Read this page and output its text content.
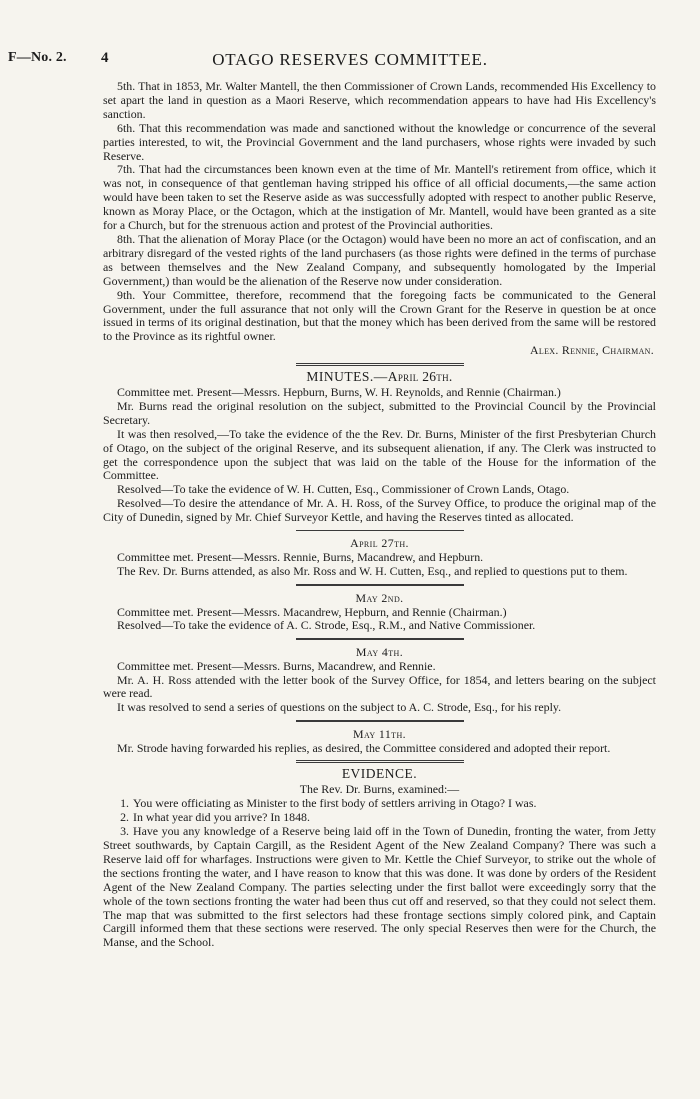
F—No. 2. 4	OTAGO RESERVES COMMITTEE.

5th. That in 1853, Mr. Walter Mantell, the then Commissioner of Crown Lands, recommended His Excellency to set apart the land in question as a Maori Reserve, which recommendation appears to have had His Excellency's sanction.

6th. That this recommendation was made and sanctioned without the knowledge or concurrence of the several parties interested, to wit, the Provincial Government and the land purchasers, whose rights were invaded by such Reserve.

7th. That had the circumstances been known even at the time of Mr. Mantell's retirement from office, which it was not, in consequence of that gentleman having stripped his office of all official documents,—the same action would have been taken to set the Reserve aside as was successfully adopted with respect to another public Reserve, known as Moray Place, or the Octagon, which at the instigation of Mr. Mantell, would have been granted as a site for a Church, but for the strenuous action and protest of the Provincial authorities.

8th. That the alienation of Moray Place (or the Octagon) would have been no more an act of confiscation, and an arbitrary disregard of the vested rights of the land purchasers (as those rights were defined in the terms of purchase as between themselves and the New Zealand Company, and subsequently homologated by the Imperial Government,) than would be the alienation of the Reserve now under consideration.

9th. Your Committee, therefore, recommend that the foregoing facts be communicated to the General Government, under the full assurance that not only will the Crown Grant for the Reserve in question be at once issued in terms of its original destination, but that the money which has been derived from the same will be restored to the Province as its rightful owner.

Alex. Rennie, Chairman.

MINUTES.—April 26th.

Committee met. Present—Messrs. Hepburn, Burns, W. H. Reynolds, and Rennie (Chairman.)

Mr. Burns read the original resolution on the subject, submitted to the Provincial Council by the Provincial Secretary.

It was then resolved,—To take the evidence of the the Rev. Dr. Burns, Minister of the first Presbyterian Church of Otago, on the subject of the original Reserve, and its subsequent alienation, if any. The Clerk was instructed to get the correspondence upon the subject that was laid on the table of the House for the information of the Committee.

Resolved—To take the evidence of W. H. Cutten, Esq., Commissioner of Crown Lands, Otago.

Resolved—To desire the attendance of Mr. A. H. Ross, of the Survey Office, to produce the original map of the City of Dunedin, signed by Mr. Chief Surveyor Kettle, and having the Reserves tinted as allocated.

April 27th.

Committee met. Present—Messrs. Rennie, Burns, Macandrew, and Hepburn.

The Rev. Dr. Burns attended, as also Mr. Ross and W. H. Cutten, Esq., and replied to questions put to them.

May 2nd.

Committee met. Present—Messrs. Macandrew, Hepburn, and Rennie (Chairman.)

Resolved—To take the evidence of A. C. Strode, Esq., R.M., and Native Commissioner.

May 4th.

Committee met. Present—Messrs. Burns, Macandrew, and Rennie.

Mr. A. H. Ross attended with the letter book of the Survey Office, for 1854, and letters bearing on the subject were read.

It was resolved to send a series of questions on the subject to A. C. Strode, Esq., for his reply.

May 11th.

Mr. Strode having forwarded his replies, as desired, the Committee considered and adopted their report.

EVIDENCE.

The Rev. Dr. Burns, examined:—

1. You were officiating as Minister to the first body of settlers arriving in Otago? I was.

2. In what year did you arrive? In 1848.

3. Have you any knowledge of a Reserve being laid off in the Town of Dunedin, fronting the water, from Jetty Street southwards, by Captain Cargill, as the Resident Agent of the New Zealand Company? There was such a Reserve laid off for wharfages. Instructions were given to Mr. Kettle the Chief Surveyor, to strike out the whole of the sections fronting the water, and I have reason to know that this was done. It was done by orders of the Resident Agent of the New Zealand Company. The parties selecting under the first ballot were exceedingly sorry that the whole of the town sections fronting the water had been thus cut off and reserved, so that they could not select them. The map that was submitted to the first selectors had these frontage sections simply colored pink, and Captain Cargill informed them that these sections were reserved. The only special Reserves then were for the Church, the Manse, and the School.
